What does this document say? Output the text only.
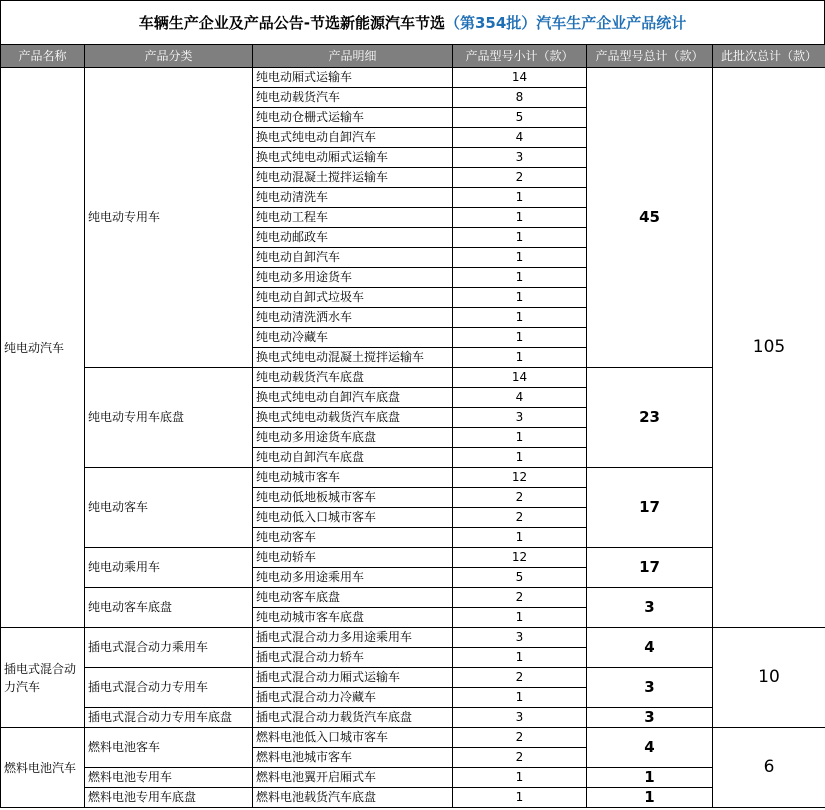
车辆生产企业及产品公告-节选新能源汽车节选 （第354批）汽车生产企业产品统计
产品名称	产品分类	产品明细	产品型号小计（款）	产品型号总计（款）	此批次总计（款）
纯电动汽车	纯电动专用车	纯电动厢式运输车	14	45	105
		纯电动载货汽车	8		
		纯电动仓栅式运输车	5		
		换电式纯电动自卸汽车	4		
		换电式纯电动厢式运输车	3		
		纯电动混凝土搅拌运输车	2		
		纯电动清洗车	1		
		纯电动工程车	1		
		纯电动邮政车	1		
		纯电动自卸汽车	1		
		纯电动多用途货车	1		
		纯电动自卸式垃圾车	1		
		纯电动清洗洒水车	1		
		纯电动冷藏车	1		
		换电式纯电动混凝土搅拌运输车	1		
	纯电动专用车底盘	纯电动载货汽车底盘	14	23	
		换电式纯电动自卸汽车底盘	4		
		换电式纯电动载货汽车底盘	3		
		纯电动多用途货车底盘	1		
		纯电动自卸汽车底盘	1		
	纯电动客车	纯电动城市客车	12	17	
		纯电动低地板城市客车	2		
		纯电动低入口城市客车	2		
		纯电动客车	1		
	纯电动乘用车	纯电动轿车	12	17	
		纯电动多用途乘用车	5		
	纯电动客车底盘	纯电动客车底盘	2	3	
		纯电动城市客车底盘	1		
插电式混合动力汽车	插电式混合动力乘用车	插电式混合动力多用途乘用车	3	4	10
		插电式混合动力轿车	1		
	插电式混合动力专用车	插电式混合动力厢式运输车	2	3	
		插电式混合动力冷藏车	1		
	插电式混合动力专用车底盘	插电式混合动力载货汽车底盘	3	3	
燃料电池汽车	燃料电池客车	燃料电池低入口城市客车	2	4	6
		燃料电池城市客车	2		
	燃料电池专用车	燃料电池翼开启厢式车	1	1	
	燃料电池专用车底盘	燃料电池载货汽车底盘	1	1	
